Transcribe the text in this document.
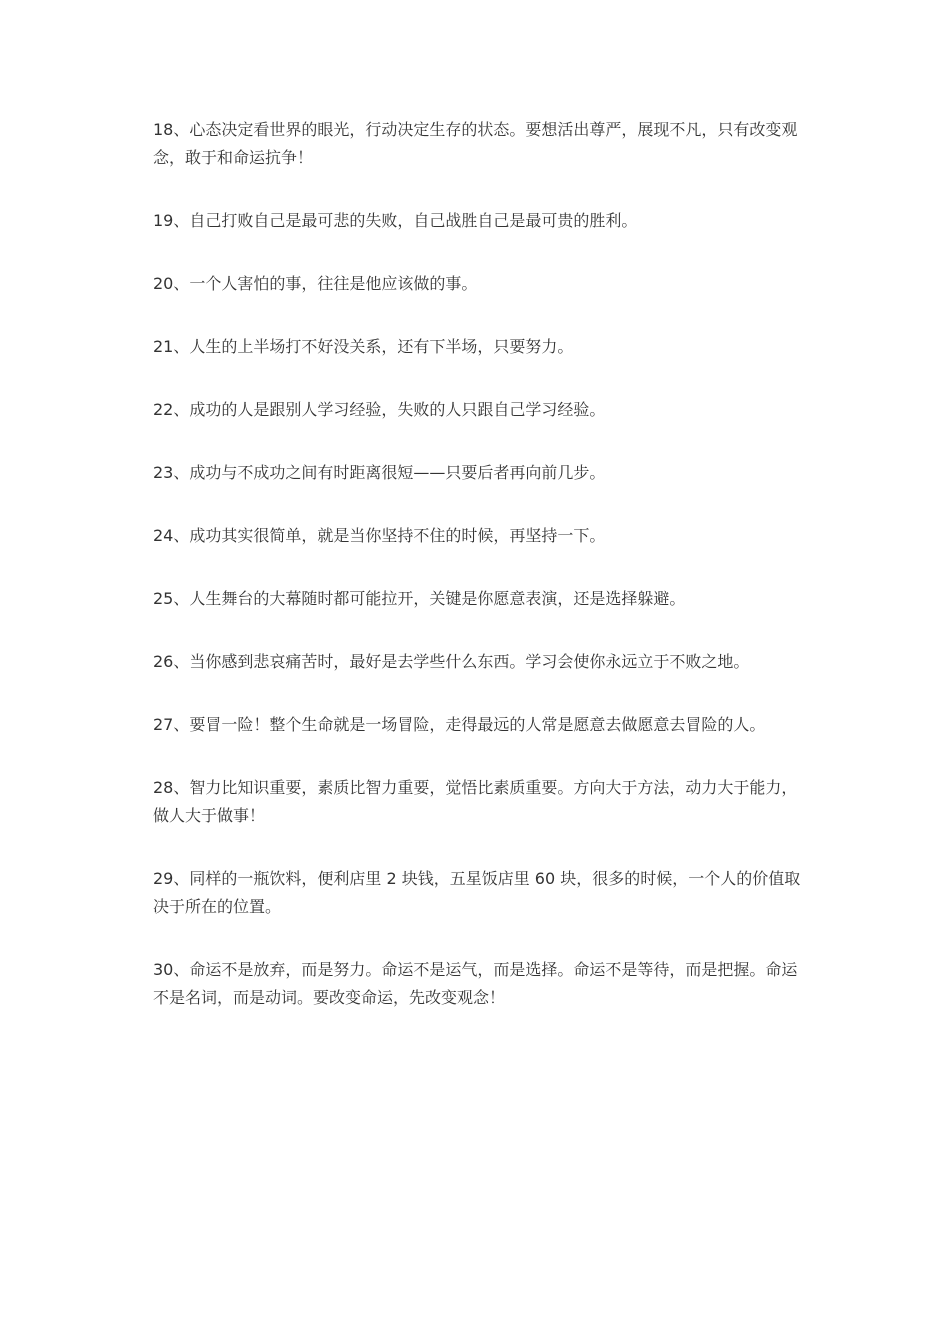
18、心态决定看世界的眼光，行动决定生存的状态。要想活出尊严，展现不凡，只有改变观念，敢于和命运抗争！
19、自己打败自己是最可悲的失败，自己战胜自己是最可贵的胜利。
20、一个人害怕的事，往往是他应该做的事。
21、人生的上半场打不好没关系，还有下半场，只要努力。
22、成功的人是跟别人学习经验，失败的人只跟自己学习经验。
23、成功与不成功之间有时距离很短——只要后者再向前几步。
24、成功其实很简单，就是当你坚持不住的时候，再坚持一下。
25、人生舞台的大幕随时都可能拉开，关键是你愿意表演，还是选择躲避。
26、当你感到悲哀痛苦时，最好是去学些什么东西。学习会使你永远立于不败之地。
27、要冒一险！整个生命就是一场冒险，走得最远的人常是愿意去做愿意去冒险的人。
28、智力比知识重要，素质比智力重要，觉悟比素质重要。方向大于方法，动力大于能力，做人大于做事！
29、同样的一瓶饮料，便利店里 2 块钱，五星饭店里 60 块，很多的时候，一个人的价值取决于所在的位置。
30、命运不是放弃，而是努力。命运不是运气，而是选择。命运不是等待，而是把握。命运不是名词，而是动词。要改变命运，先改变观念！
